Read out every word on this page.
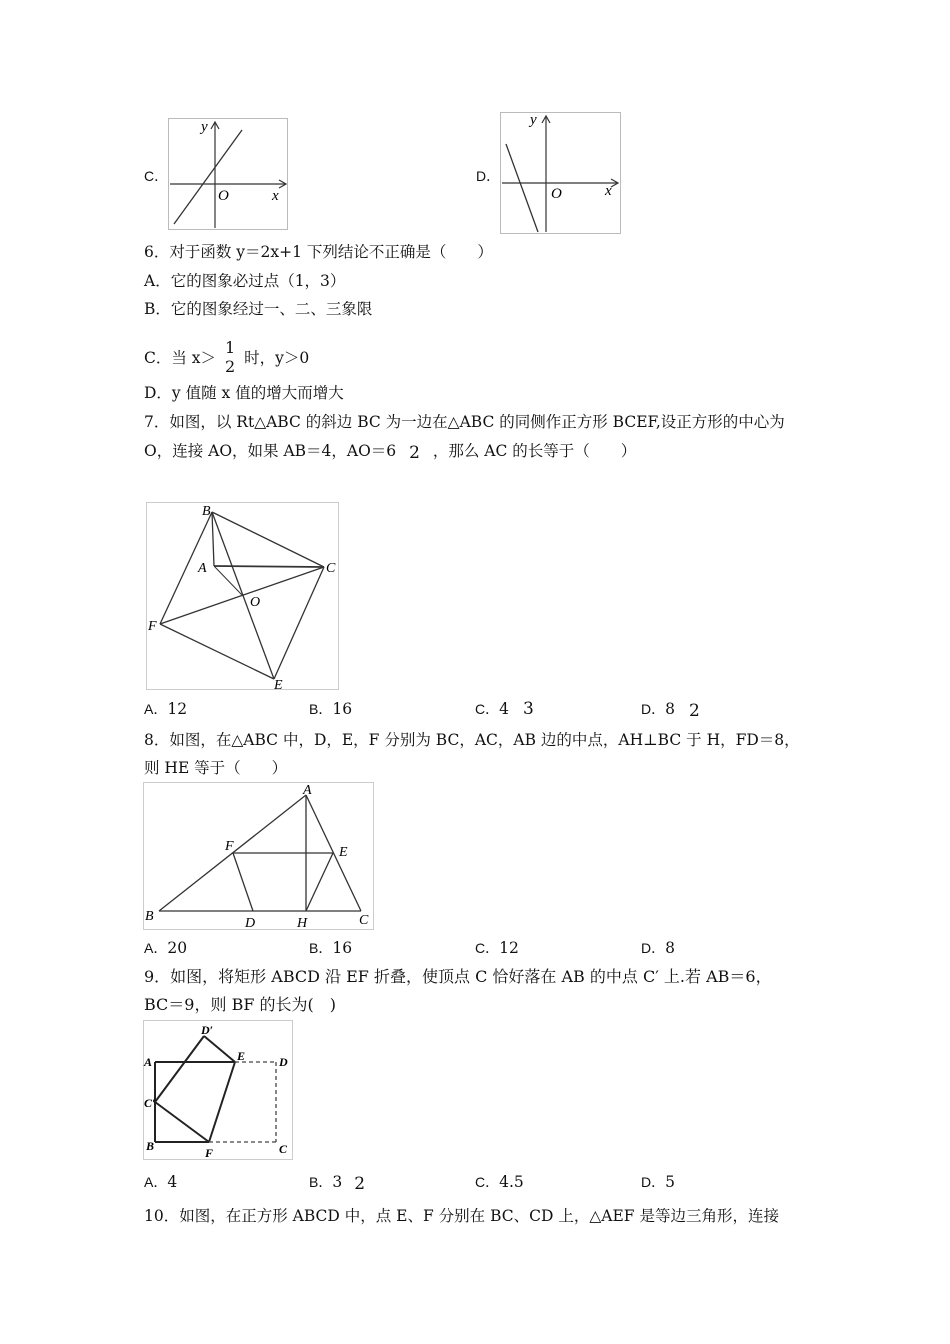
C．
y
O	x
D．
y
O	x
6．对于函数 y＝2x+1 下列结论不正确是（　　）
A．它的图象必过点（1，3）
B．它的图象经过一、二、三象限
C．当 x＞
1
2 时，y＞0
D．y 值随 x 值的增大而增大
7．如图，以 Rt△ABC 的斜边 BC 为一边在△ABC 的同侧作正方形 BCEF,设正方形的中心为
O，连接 AO，如果 AB＝4，AO＝6 2 ，那么 AC 的长等于（　　）
B
A	C
O
F
E
A．12	B．16	C．4 3	D．8 2
8．如图，在△ABC 中，D，E，F 分别为 BC，AC，AB 边的中点，AH⊥BC 于 H，FD＝8，
则 HE 等于（　　）
A
F	E
B	D	H	C
A．20	B．16	C．12	D．8
9．如图，将矩形 ABCD 沿 EF 折叠，使顶点 C 恰好落在 AB 的中点 C′ 上.若 AB＝6，
BC＝9，则 BF 的长为(　)
D′
A	E	D
C′
B	F	C
A．4	B．3 2	C．4.5	D．5
10．如图，在正方形 ABCD 中，点 E、F 分别在 BC、CD 上，△AEF 是等边三角形，连接
